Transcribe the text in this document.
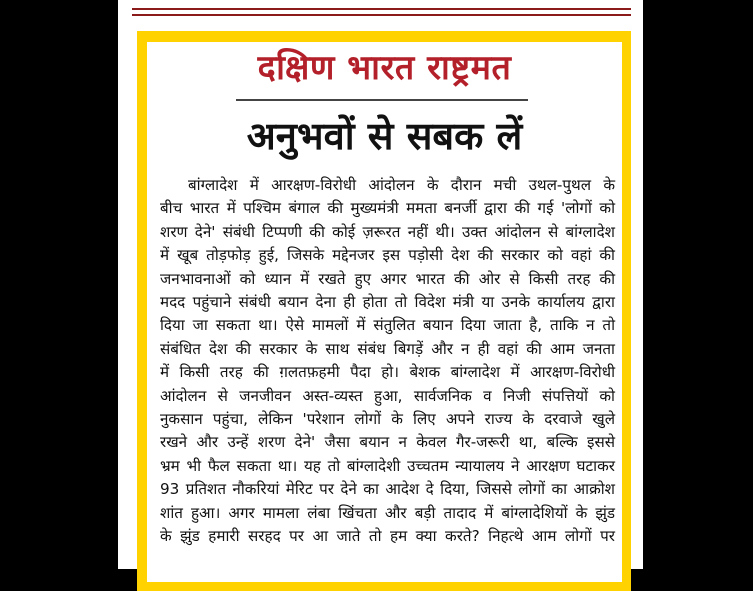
दक्षिण भारत राष्ट्रमत
अनुभवों से सबक लें

बांग्लादेश में आरक्षण-विरोधी आंदोलन के दौरान मची उथल-पुथल के

बीच भारत में पश्चिम बंगाल की मुख्यमंत्री ममता बनर्जी द्वारा की गई 'लोगों को

शरण देने' संबंधी टिप्पणी की कोई ज़रूरत नहीं थी। उक्त आंदोलन से बांग्लादेश

में खूब तोड़फोड़ हुई, जिसके मद्देनजर इस पड़ोसी देश की सरकार को वहां की

जनभावनाओं को ध्यान में रखते हुए अगर भारत की ओर से किसी तरह की

मदद पहुंचाने संबंधी बयान देना ही होता तो विदेश मंत्री या उनके कार्यालय द्वारा

दिया जा सकता था। ऐसे मामलों में संतुलित बयान दिया जाता है, ताकि न तो

संबंधित देश की सरकार के साथ संबंध बिगड़ें और न ही वहां की आम जनता

में किसी तरह की ग़लतफ़हमी पैदा हो। बेशक बांग्लादेश में आरक्षण-विरोधी

आंदोलन से जनजीवन अस्त-व्यस्त हुआ, सार्वजनिक व निजी संपत्तियों को

नुकसान पहुंचा, लेकिन 'परेशान लोगों के लिए अपने राज्य के दरवाजे खुले

रखने और उन्हें शरण देने' जैसा बयान न केवल गैर-जरूरी था, बल्कि इससे

भ्रम भी फैल सकता था। यह तो बांग्लादेशी उच्चतम न्यायालय ने आरक्षण घटाकर

93 प्रतिशत नौकरियां मेरिट पर देने का आदेश दे दिया, जिससे लोगों का आक्रोश

शांत हुआ। अगर मामला लंबा खिंचता और बड़ी तादाद में बांग्लादेशियों के झुंड

के झुंड हमारी सरहद पर आ जाते तो हम क्या करते? निहत्थे आम लोगों पर
